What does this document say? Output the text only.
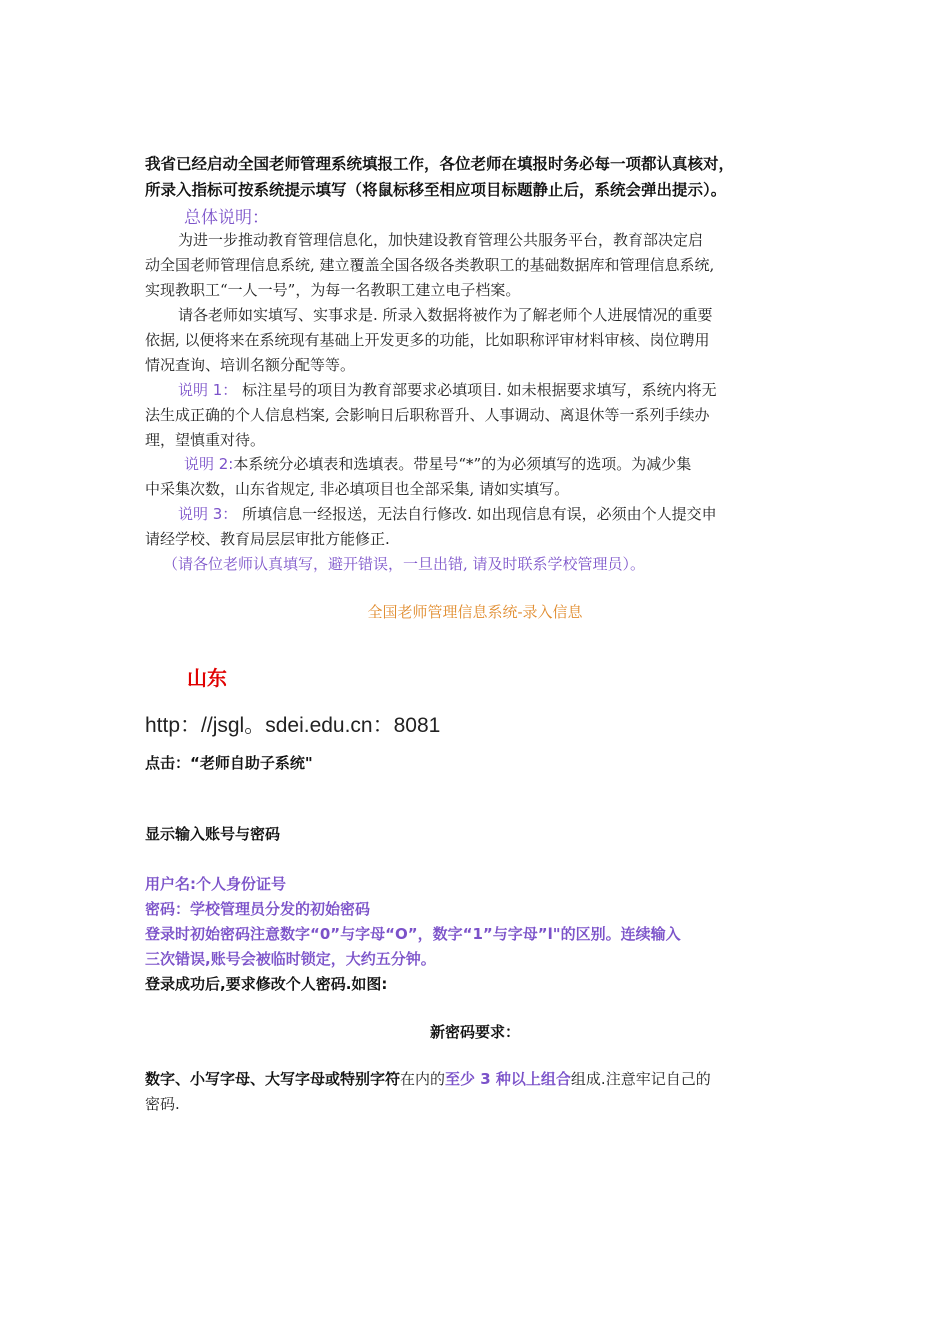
我省已经启动全国老师管理系统填报工作，各位老师在填报时务必每一项都认真核对，
所录入指标可按系统提示填写（将鼠标移至相应项目标题静止后，系统会弹出提示）。
总体说明：
为进一步推动教育管理信息化，加快建设教育管理公共服务平台，教育部决定启
动全国老师管理信息系统, 建立覆盖全国各级各类教职工的基础数据库和管理信息系统,
实现教职工“一人一号”，为每一名教职工建立电子档案。
请各老师如实填写、实事求是. 所录入数据将被作为了解老师个人进展情况的重要
依据, 以便将来在系统现有基础上开发更多的功能，比如职称评审材料审核、岗位聘用
情况查询、培训名额分配等等。
说明 1： 标注星号的项目为教育部要求必填项目. 如未根据要求填写，系统内将无
法生成正确的个人信息档案, 会影响日后职称晋升、人事调动、离退休等一系列手续办
理，望慎重对待。
说明 2:本系统分必填表和选填表。带星号“*”的为必须填写的选项。为减少集
中采集次数，山东省规定, 非必填项目也全部采集, 请如实填写。
说明 3： 所填信息一经报送，无法自行修改. 如出现信息有误，必须由个人提交申
请经学校、教育局层层审批方能修正.
（请各位老师认真填写，避开错误，一旦出错, 请及时联系学校管理员）。
全国老师管理信息系统-录入信息
山东
http：//jsgl。sdei.edu.cn：8081
点击：“老师自助子系统"
显示输入账号与密码
用户名:个人身份证号
密码：学校管理员分发的初始密码
登录时初始密码注意数字“0”与字母“O”，数字“1”与字母”l"的区别。连续输入
三次错误,账号会被临时锁定，大约五分钟。
登录成功后,要求修改个人密码.如图:
新密码要求：
数字、小写字母、大写字母或特别字符在内的至少 3 种以上组合组成.注意牢记自己的
密码.
